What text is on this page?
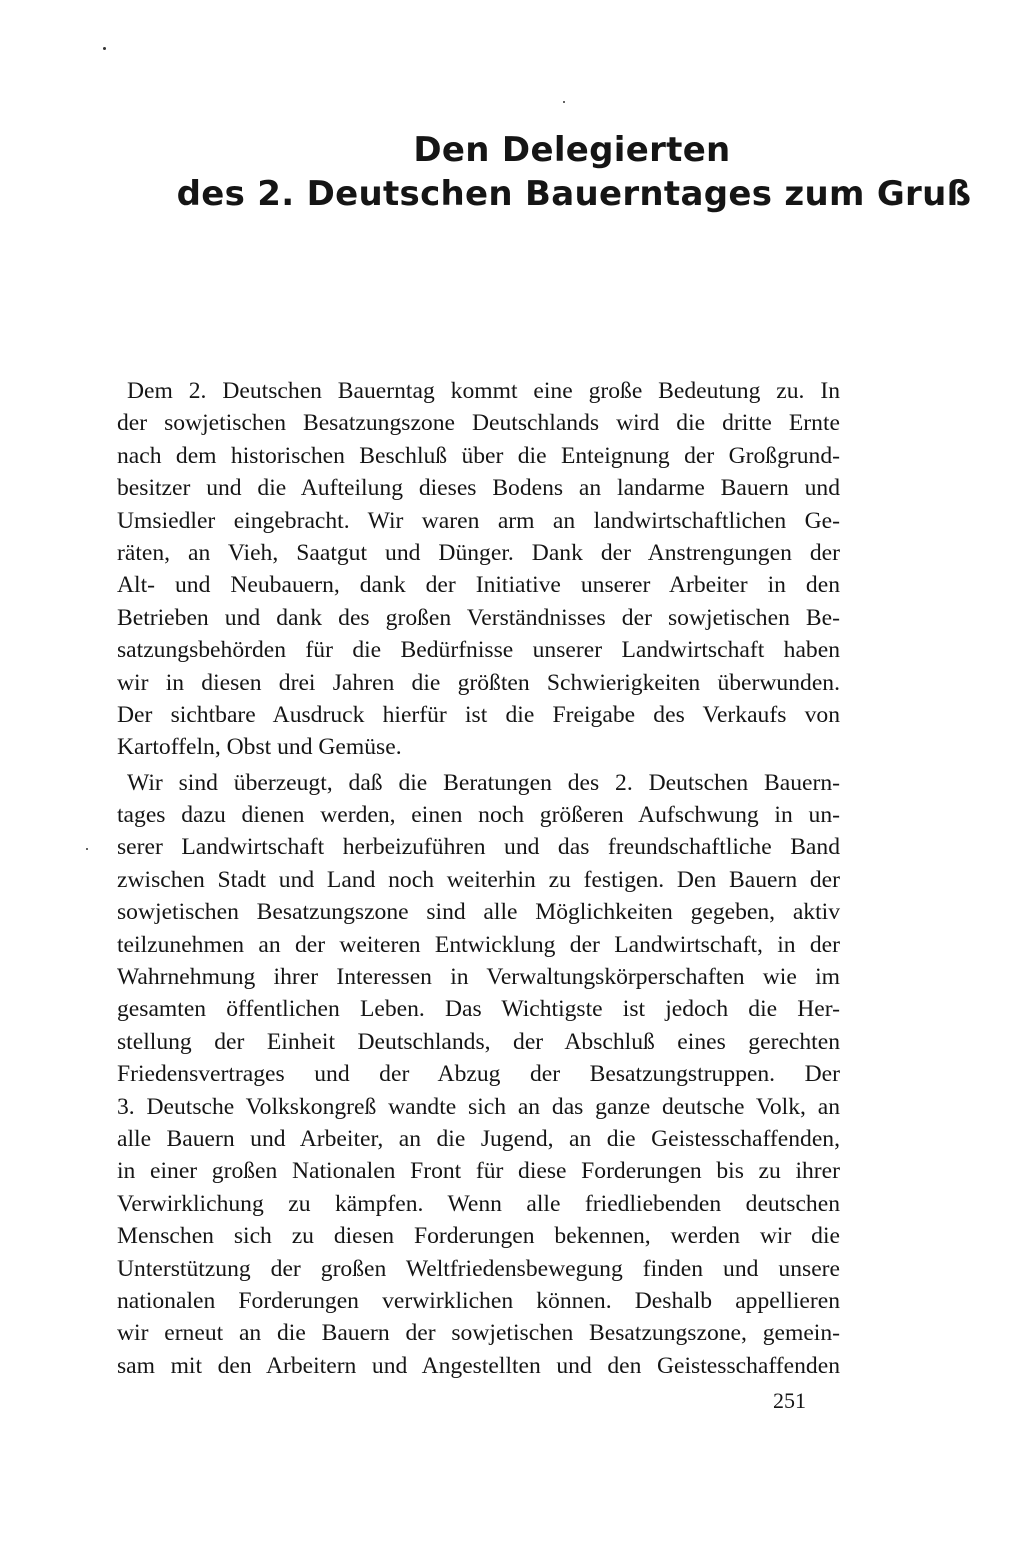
Den Delegierten
des 2. Deutschen Bauerntages zum Gruß
Dem 2. Deutschen Bauerntag kommt eine große Bedeutung zu. In
der sowjetischen Besatzungszone Deutschlands wird die dritte Ernte
nach dem historischen Beschluß über die Enteignung der Großgrund-
besitzer und die Aufteilung dieses Bodens an landarme Bauern und
Umsiedler eingebracht. Wir waren arm an landwirtschaftlichen Ge-
räten, an Vieh, Saatgut und Dünger. Dank der Anstrengungen der
Alt- und Neubauern, dank der Initiative unserer Arbeiter in den
Betrieben und dank des großen Verständnisses der sowjetischen Be-
satzungsbehörden für die Bedürfnisse unserer Landwirtschaft haben
wir in diesen drei Jahren die größten Schwierigkeiten überwunden.
Der sichtbare Ausdruck hierfür ist die Freigabe des Verkaufs von
Kartoffeln, Obst und Gemüse.
Wir sind überzeugt, daß die Beratungen des 2. Deutschen Bauern-
tages dazu dienen werden, einen noch größeren Aufschwung in un-
serer Landwirtschaft herbeizuführen und das freundschaftliche Band
zwischen Stadt und Land noch weiterhin zu festigen. Den Bauern der
sowjetischen Besatzungszone sind alle Möglichkeiten gegeben, aktiv
teilzunehmen an der weiteren Entwicklung der Landwirtschaft, in der
Wahrnehmung ihrer Interessen in Verwaltungskörperschaften wie im
gesamten öffentlichen Leben. Das Wichtigste ist jedoch die Her-
stellung der Einheit Deutschlands, der Abschluß eines gerechten
Friedensvertrages und der Abzug der Besatzungstruppen. Der
3. Deutsche Volkskongreß wandte sich an das ganze deutsche Volk, an
alle Bauern und Arbeiter, an die Jugend, an die Geistesschaffenden,
in einer großen Nationalen Front für diese Forderungen bis zu ihrer
Verwirklichung zu kämpfen. Wenn alle friedliebenden deutschen
Menschen sich zu diesen Forderungen bekennen, werden wir die
Unterstützung der großen Weltfriedensbewegung finden und unsere
nationalen Forderungen verwirklichen können. Deshalb appellieren
wir erneut an die Bauern der sowjetischen Besatzungszone, gemein-
sam mit den Arbeitern und Angestellten und den Geistesschaffenden
251
